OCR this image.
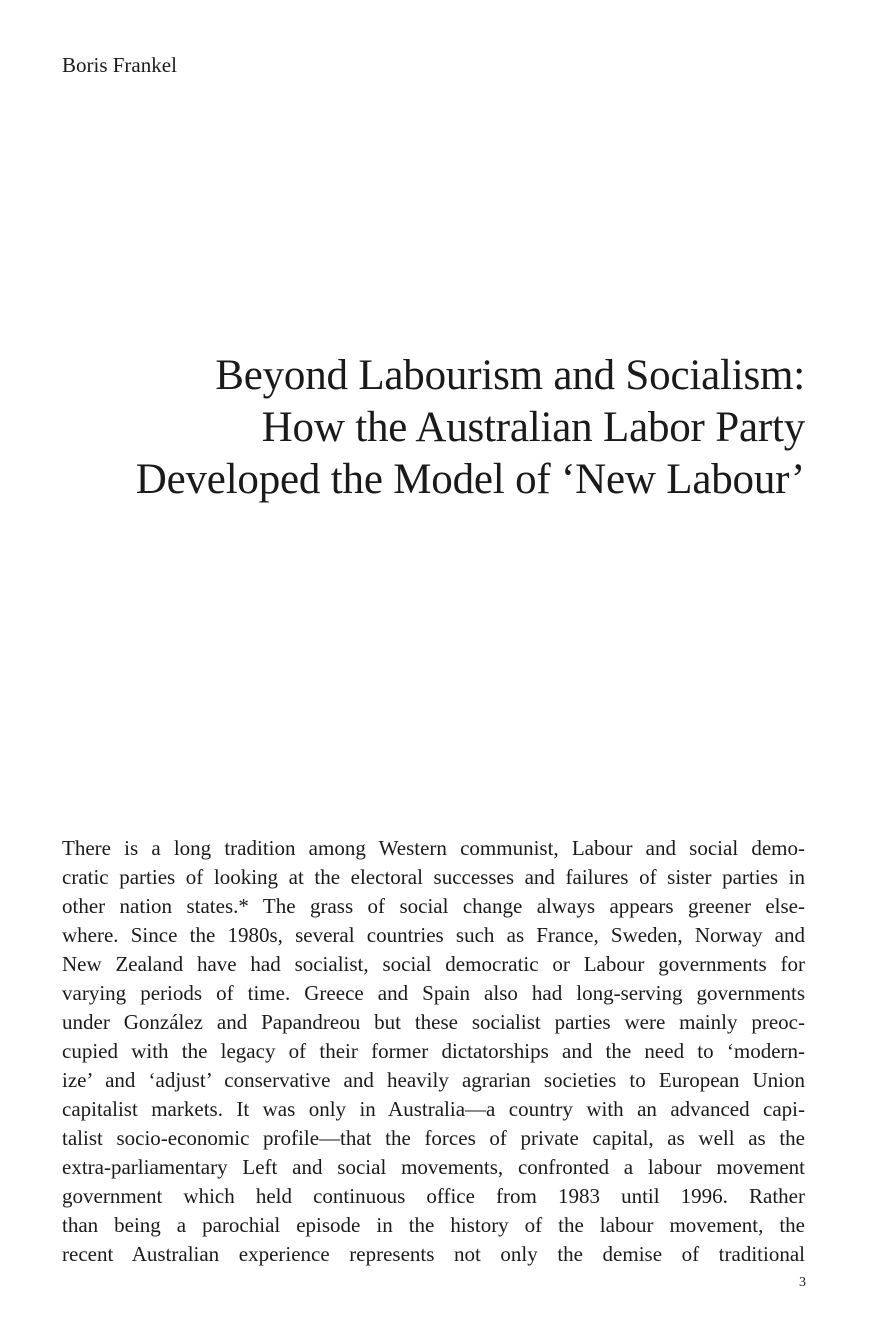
Boris Frankel

Beyond Labourism and Socialism:
How the Australian Labor Party
Developed the Model of ‘New Labour’
There is a long tradition among Western communist, Labour and social demo-
cratic parties of looking at the electoral successes and failures of sister parties in
other nation states.* The grass of social change always appears greener else-
where. Since the 1980s, several countries such as France, Sweden, Norway and
New Zealand have had socialist, social democratic or Labour governments for
varying periods of time. Greece and Spain also had long-serving governments
under González and Papandreou but these socialist parties were mainly preoc-
cupied with the legacy of their former dictatorships and the need to ‘modern-
ize’ and ‘adjust’ conservative and heavily agrarian societies to European Union
capitalist markets. It was only in Australia—a country with an advanced capi-
talist socio-economic profile—that the forces of private capital, as well as the
extra-parliamentary Left and social movements, confronted a labour movement
government which held continuous office from 1983 until 1996. Rather
than being a parochial episode in the history of the labour movement, the
recent Australian experience represents not only the demise of traditional

3
